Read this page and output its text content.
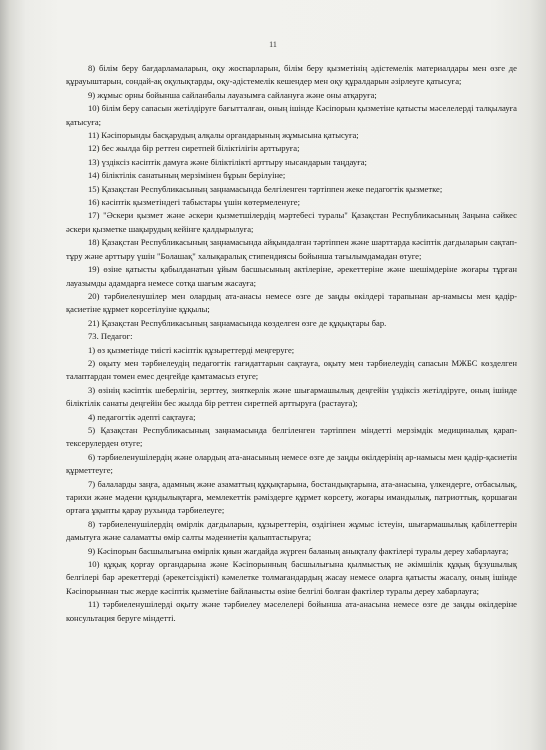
11

8) білім беру бағдарламаларын, оқу жоспарларын, білім беру қызметінің әдістемелік материалдары мен өзге де құрауыштарын, сондай-ақ оқулықтарды, оқу-әдістемелік кешендер мен оқу құралдарын әзірлеуге қатысуға;

9) жұмыс орны бойынша сайланбалы лауазымға сайлануға және оны атқаруға;

10) білім беру сапасын жетілдіруге бағытталған, оның ішінде Кәсіпорын қызметіне қатысты мәселелерді талқылауға қатысуға;

11) Кәсіпорынды басқарудың алқалы органдарының жұмысына қатысуға;

12) бес жылда бір реттен сиретпей біліктілігін арттыруға;

13) үздіксіз кәсіптік дамуға және біліктілікті арттыру нысандарын таңдауға;

14) біліктілік санатының мерзімінен бұрын берілуіне;

15) Қазақстан Республикасының заңнамасында белгіленген тәртіппен жеке педагогтік қызметке;

16) кәсіптік қызметіндегі табыстары үшін көтермеленуге;

17) "Әскери қызмет және әскери қызметшілердің мәртебесі туралы" Қазақстан Республикасының Заңына сәйкес әскери қызметке шақырудың кейінге қалдырылуға;

18) Қазақстан Республикасының заңнамасында айқындалған тәртіппен және шарттарда кәсіптік дағдыларын сақтап-тұру және арттыру үшін "Болашақ" халықаралық стипендиясы бойынша тағылымдамадан өтуге;

19) өзіне қатысты қабылданатын ұйым басшысының актілеріне, әрекеттеріне және шешімдеріне жоғары тұрған лауазымды адамдарға немесе сотқа шағым жасауға;

20) тәрбиеленушілер мен олардың ата-анасы немесе өзге де заңды өкілдері тарапынан ар-намысы мен қадір-қасиетіне құрмет көрсетілуіне құқылы;

21) Қазақстан Республикасының заңнамасында көзделген өзге де құқықтары бар.

73. Педагог:

1) өз қызметінде тиісті кәсіптік құзыреттерді меңгеруге;

2) оқыту мен тәрбиелеудің педагогтік ғағидаттарын сақтауға, оқыту мен тәрбиелеудің сапасын МЖБС көзделген талаптардан төмен емес деңгейде қамтамасыз етуге;

3) өзінің кәсіптік шеберлігін, зерттеу, зияткерлік және шығармашылық деңгейін үздіксіз жетілдіруге, оның ішінде біліктілік санаты деңгейін бес жылда бір реттен сиретпей арттыруға (растауға);

4) педагогтік әдепті сақтауға;

5) Қазақстан Республикасының заңнамасында белгіленген тәртіппен міндетті мерзімдік медициналық қарап-тексерулерден өтуге;

6) тәрбиеленушілердің және олардың ата-анасының немесе өзге де заңды өкілдерінің ар-намысы мен қадір-қасиетін құрметтеуге;

7) балаларды заңға, адамның және азаматтың құқықтарына, бостандықтарына, ата-анасына, үлкендерге, отбасылық, тарихи және мәдени құндылықтарға, мемлекеттік рәміздерге құрмет көрсету, жоғары имандылық, патриоттық, қоршаған ортаға ұқыпты қарау рухында тәрбиелеуге;

8) тәрбиеленушілердің өмірлік дағдыларын, құзыреттерін, өздігінен жұмыс істеуін, шығармашылық қабілеттерін дамытуға және саламатты өмір салты мәдениетін қалыптастыруға;

9) Кәсіпорын басшылығына өмірлік қиын жағдайда жүрген баланың анықталу фактілері туралы дереу хабарлауға;

10) құқық қорғау органдарына және Кәсіпорынның басшылығына қылмыстық не әкімшілік құқық бұзушылық белгілері бар әрекеттерді (әрекетсіздікті) кәмелетке толмағандардың жасау немесе оларға қатысты жасалу, оның ішінде Кәсіпорыннан тыс жерде кәсіптік қызметіне байланысты өзіне белгілі болған фактілер туралы дереу хабарлауға;

11) тәрбиеленушілерді оқыту және тәрбиелеу мәселелері бойынша ата-анасына немесе өзге де заңды өкілдеріне консультация беруге міндетті.
